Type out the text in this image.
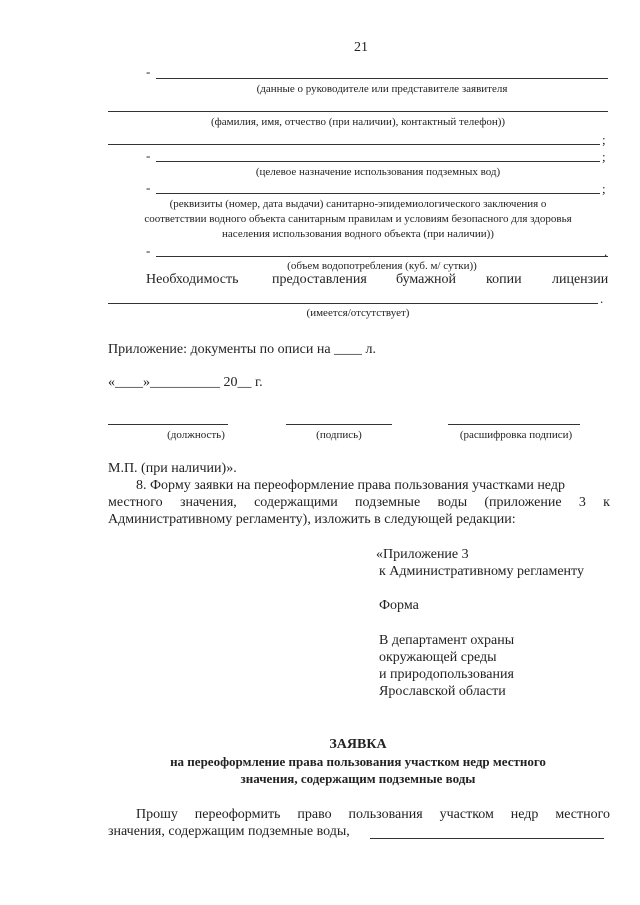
21
-
(данные о руководителе или представителе заявителя
(фамилия, имя, отчество (при наличии), контактный телефон))
;
-	;
(целевое назначение использования подземных вод)
-	;
(реквизиты (номер, дата выдачи) санитарно-эпидемиологического заключения о
соответствии водного объекта санитарным правилам и условиям безопасного для здоровья
населения использования водного объекта (при наличии))
-	.
(объем водопотребления (куб. м/ сутки))
Необходимость предоставления бумажной копии лицензии
.
(имеется/отсутствует)
Приложение: документы по описи на ____ л.
«____»__________ 20__ г.
(должность)	(подпись)	(расшифровка подписи)
М.П. (при наличии)».
8. Форму заявки на переоформление права пользования участками недр
местного значения, содержащими подземные воды (приложение 3 к
Административному регламенту), изложить в следующей редакции:
«Приложение 3
к Административному регламенту
Форма
В департамент охраны
окружающей среды
и природопользования
Ярославской области
ЗАЯВКА
на переоформление права пользования участком недр местного
значения, содержащим подземные воды
Прошу переоформить право пользования участком недр местного
значения, содержащим подземные воды,
